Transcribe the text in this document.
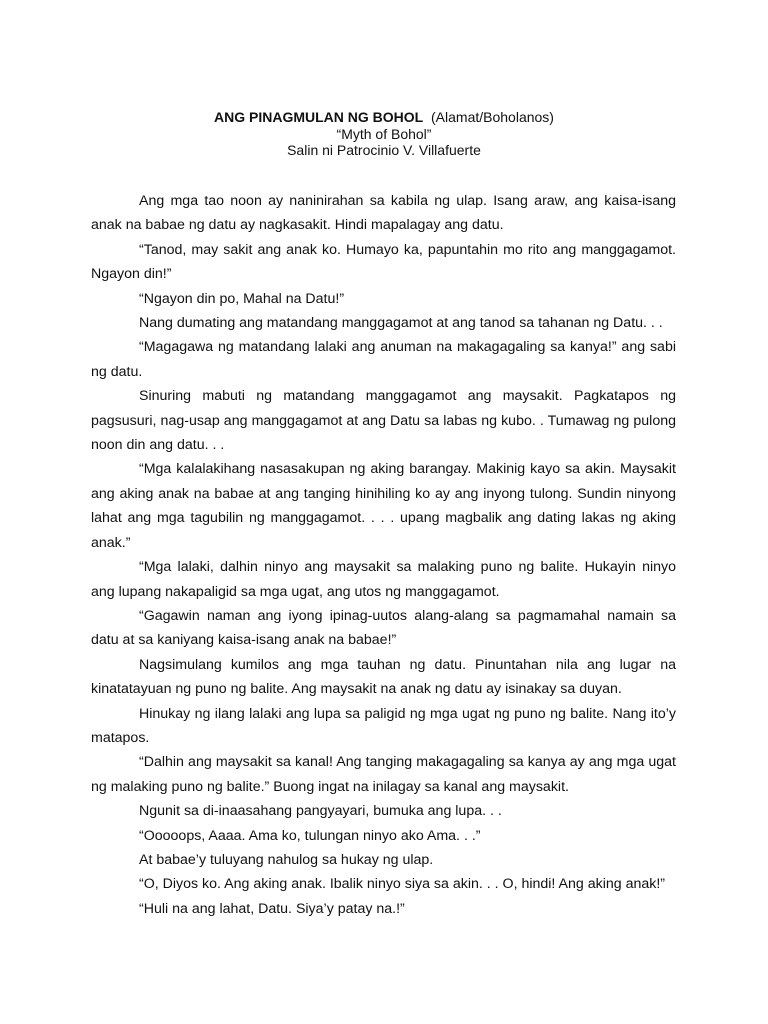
ANG PINAGMULAN NG BOHOL (Alamat/Boholanos)
“Myth of Bohol”
Salin ni Patrocinio V. Villafuerte

Ang mga tao noon ay naninirahan sa kabila ng ulap. Isang araw, ang kaisa-isang anak na babae ng datu ay nagkasakit. Hindi mapalagay ang datu.

“Tanod, may sakit ang anak ko. Humayo ka, papuntahin mo rito ang manggagamot. Ngayon din!”

“Ngayon din po, Mahal na Datu!”

Nang dumating ang matandang manggagamot at ang tanod sa tahanan ng Datu. . .

“Magagawa ng matandang lalaki ang anuman na makagagaling sa kanya!” ang sabi ng datu.

Sinuring mabuti ng matandang manggagamot ang maysakit. Pagkatapos ng pagsusuri, nag-usap ang manggagamot at ang Datu sa labas ng kubo. . Tumawag ng pulong noon din ang datu. . .

“Mga kalalakihang nasasakupan ng aking barangay. Makinig kayo sa akin. Maysakit ang aking anak na babae at ang tanging hinihiling ko ay ang inyong tulong. Sundin ninyong lahat ang mga tagubilin ng manggagamot. . . . upang magbalik ang dating lakas ng aking anak.”

“Mga lalaki, dalhin ninyo ang maysakit sa malaking puno ng balite. Hukayin ninyo ang lupang nakapaligid sa mga ugat, ang utos ng manggagamot.

“Gagawin naman ang iyong ipinag-uutos alang-alang sa pagmamahal namain sa datu at sa kaniyang kaisa-isang anak na babae!”

Nagsimulang kumilos ang mga tauhan ng datu. Pinuntahan nila ang lugar na kinatatayuan ng puno ng balite. Ang maysakit na anak ng datu ay isinakay sa duyan.

Hinukay ng ilang lalaki ang lupa sa paligid ng mga ugat ng puno ng balite. Nang ito’y matapos.

“Dalhin ang maysakit sa kanal! Ang tanging makagagaling sa kanya ay ang mga ugat ng malaking puno ng balite.” Buong ingat na inilagay sa kanal ang maysakit.

Ngunit sa di-inaasahang pangyayari, bumuka ang lupa. . .

“Ooooops, Aaaa. Ama ko, tulungan ninyo ako Ama. . .”

At babae’y tuluyang nahulog sa hukay ng ulap.

“O, Diyos ko. Ang aking anak. Ibalik ninyo siya sa akin. . . O, hindi! Ang aking anak!”

“Huli na ang lahat, Datu. Siya’y patay na.!”
